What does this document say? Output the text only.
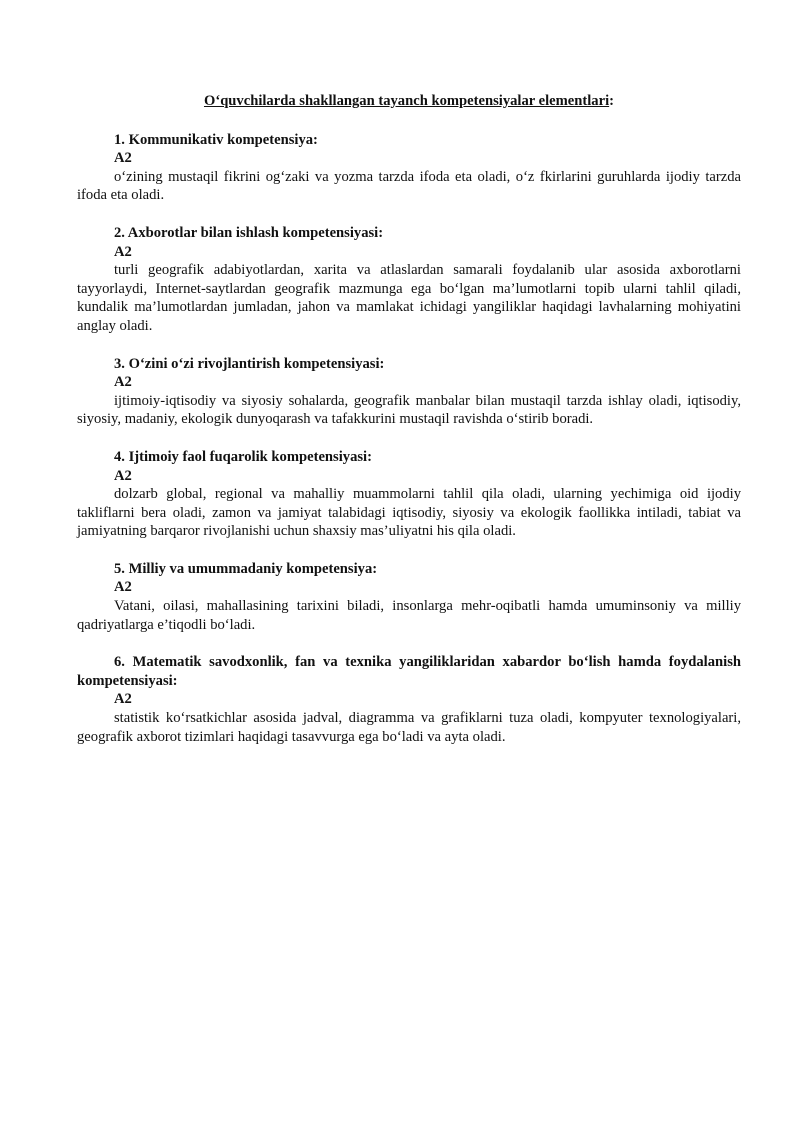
O‘quvchilarda shakllangan tayanch kompetensiyalar elementlari:

1. Kommunikativ kompetensiya:

A2

o‘zining mustaqil fikrini og‘zaki va yozma tarzda ifoda eta oladi, o‘z fkirlarini guruhlarda ijodiy tarzda ifoda eta oladi.

2. Axborotlar bilan ishlash kompetensiyasi:

A2

turli geografik adabiyotlardan, xarita va atlaslardan samarali foydalanib ular asosida axborotlarni tayyorlaydi, Internet-saytlardan geografik mazmunga ega bo‘lgan ma’lumotlarni topib ularni tahlil qiladi, kundalik ma’lumotlardan jumladan, jahon va mamlakat ichidagi yangiliklar haqidagi lavhalarning mohiyatini anglay oladi.

3. O‘zini o‘zi rivojlantirish kompetensiyasi:

A2

ijtimoiy-iqtisodiy va siyosiy sohalarda, geografik manbalar bilan mustaqil tarzda ishlay oladi, iqtisodiy, siyosiy, madaniy, ekologik dunyoqarash va tafakkurini mustaqil ravishda o‘stirib boradi.

4. Ijtimoiy faol fuqarolik kompetensiyasi:

A2

dolzarb global, regional va mahalliy muammolarni tahlil qila oladi, ularning yechimiga oid ijodiy takliflarni bera oladi, zamon va jamiyat talabidagi iqtisodiy, siyosiy va ekologik faollikka intiladi, tabiat va jamiyatning barqaror rivojlanishi uchun shaxsiy mas’uliyatni his qila oladi.

5. Milliy va umummadaniy kompetensiya:

A2

Vatani, oilasi, mahallasining tarixini biladi, insonlarga mehr-oqibatli hamda umuminsoniy va milliy qadriyatlarga e’tiqodli bo‘ladi.

6. Matematik savodxonlik, fan va texnika yangiliklaridan xabardor bo‘lish hamda foydalanish kompetensiyasi:

A2

statistik ko‘rsatkichlar asosida jadval, diagramma va grafiklarni tuza oladi, kompyuter texnologiyalari, geografik axborot tizimlari haqidagi tasavvurga ega bo‘ladi va ayta oladi.
